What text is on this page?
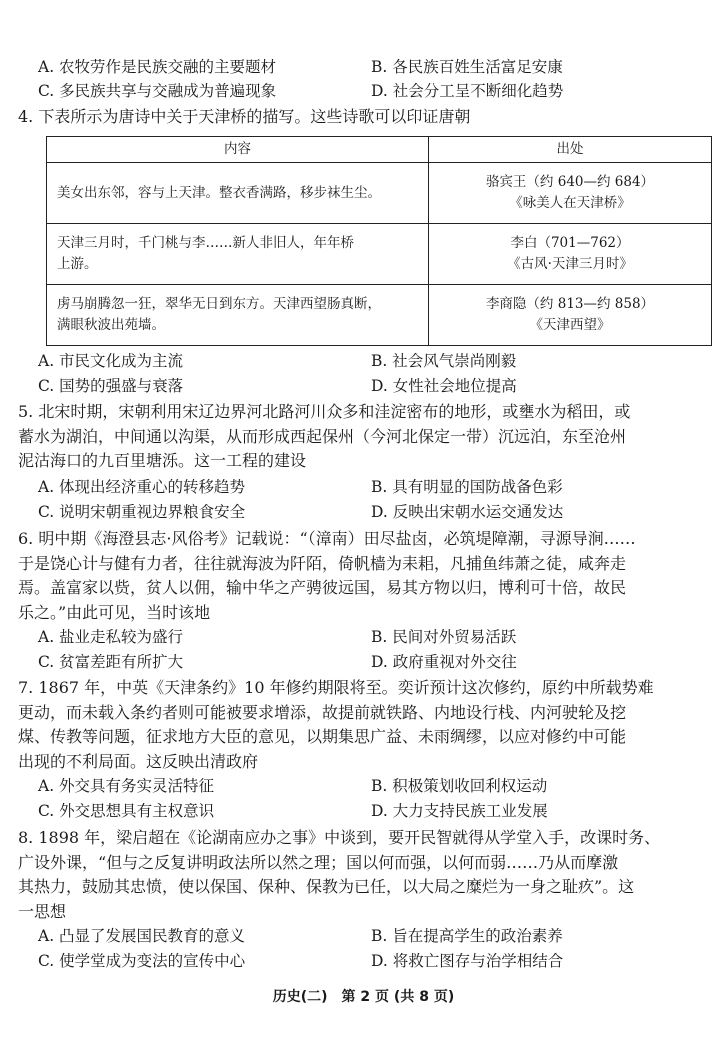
A. 农牧劳作是民族交融的主要题材	B. 各民族百姓生活富足安康
C. 多民族共享与交融成为普遍现象	D. 社会分工呈不断细化趋势
4. 下表所示为唐诗中关于天津桥的描写。这些诗歌可以印证唐朝
内容	出处
美女出东邻，容与上天津。整衣香满路，移步袜生尘。	骆宾王（约 640—约 684）
《咏美人在天津桥》
天津三月时，千门桃与李……新人非旧人，年年桥
上游。	李白（701—762）
《古风·天津三月时》
虏马崩腾忽一狂，翠华无日到东方。天津西望肠真断，
满眼秋波出苑墙。	李商隐（约 813—约 858）
《天津西望》
A. 市民文化成为主流	B. 社会风气崇尚刚毅
C. 国势的强盛与衰落	D. 女性社会地位提高

5. 北宋时期，宋朝利用宋辽边界河北路河川众多和洼淀密布的地形，或壅水为稻田，或

蓄水为湖泊，中间通以沟渠，从而形成西起保州（今河北保定一带）沉远泊，东至沧州

泥沽海口的九百里塘泺。这一工程的建设

A. 体现出经济重心的转移趋势	B. 具有明显的国防战备色彩
C. 说明宋朝重视边界粮食安全	D. 反映出宋朝水运交通发达

6. 明中期《海澄县志·风俗考》记载说：“（漳南）田尽盐卤，必筑堤障潮，寻源导涧……

于是饶心计与健有力者，往往就海波为阡陌，倚帆樯为耒耜，凡捕鱼纬萧之徒，咸奔走

焉。盖富家以赀，贫人以佣，输中华之产骋彼远国，易其方物以归，博利可十倍，故民

乐之。”由此可见，当时该地

A. 盐业走私较为盛行	B. 民间对外贸易活跃
C. 贫富差距有所扩大	D. 政府重视对外交往

7. 1867 年，中英《天津条约》10 年修约期限将至。奕䜣预计这次修约，原约中所载势难

更动，而未载入条约者则可能被要求增添，故提前就铁路、内地设行栈、内河驶轮及挖

煤、传教等问题，征求地方大臣的意见，以期集思广益、未雨绸缪，以应对修约中可能

出现的不利局面。这反映出清政府

A. 外交具有务实灵活特征	B. 积极策划收回利权运动
C. 外交思想具有主权意识	D. 大力支持民族工业发展

8. 1898 年，梁启超在《论湖南应办之事》中谈到，要开民智就得从学堂入手，改课时务、

广设外课，“但与之反复讲明政法所以然之理；国以何而强，以何而弱……乃从而摩激

其热力，鼓励其忠愤，使以保国、保种、保教为已任，以大局之糜烂为一身之耻疚”。这

一思想

A. 凸显了发展国民教育的意义	B. 旨在提高学生的政治素养
C. 使学堂成为变法的宣传中心	D. 将救亡图存与治学相结合
历史(二)　第 2 页 (共 8 页)
